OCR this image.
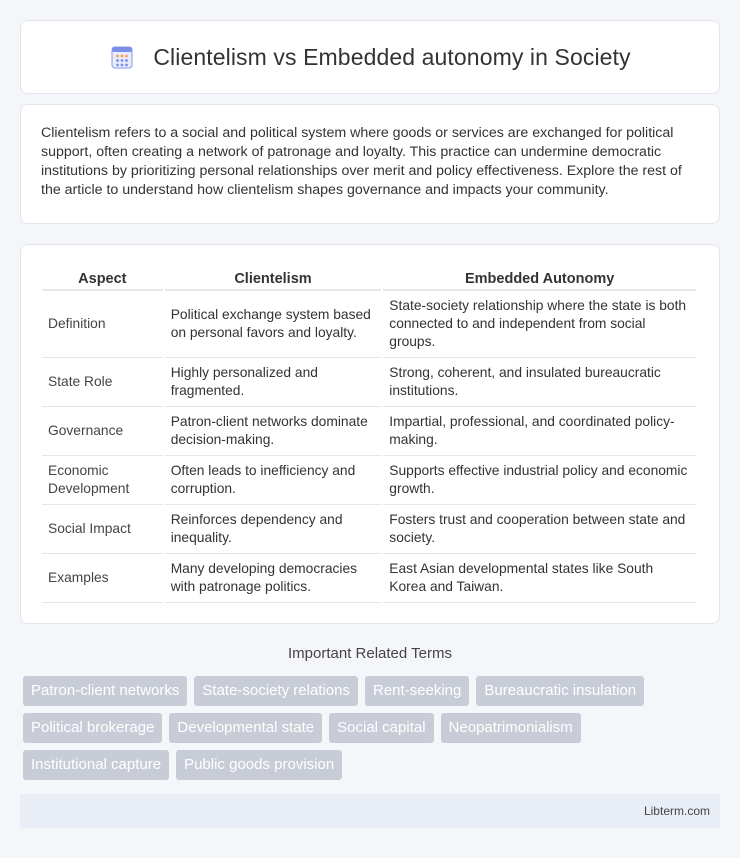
Clientelism vs Embedded autonomy in Society

Clientelism refers to a social and political system where goods or services are exchanged for political support, often creating a network of patronage and loyalty. This practice can undermine democratic institutions by prioritizing personal relationships over merit and policy effectiveness. Explore the rest of the article to understand how clientelism shapes governance and impacts your community.

Aspect	Clientelism	Embedded Autonomy
Definition	Political exchange system based on personal favors and loyalty.	State-society relationship where the state is both connected to and independent from social groups.
State Role	Highly personalized and fragmented.	Strong, coherent, and insulated bureaucratic institutions.
Governance	Patron-client networks dominate decision-making.	Impartial, professional, and coordinated policy-making.
Economic Development	Often leads to inefficiency and corruption.	Supports effective industrial policy and economic growth.
Social Impact	Reinforces dependency and inequality.	Fosters trust and cooperation between state and society.
Examples	Many developing democracies with patronage politics.	East Asian developmental states like South Korea and Taiwan.
Important Related Terms
Patron-client networks	State-society relations	Rent-seeking	Bureaucratic insulation
Political brokerage	Developmental state	Social capital	Neopatrimonialism
Institutional capture	Public goods provision
Libterm.com
